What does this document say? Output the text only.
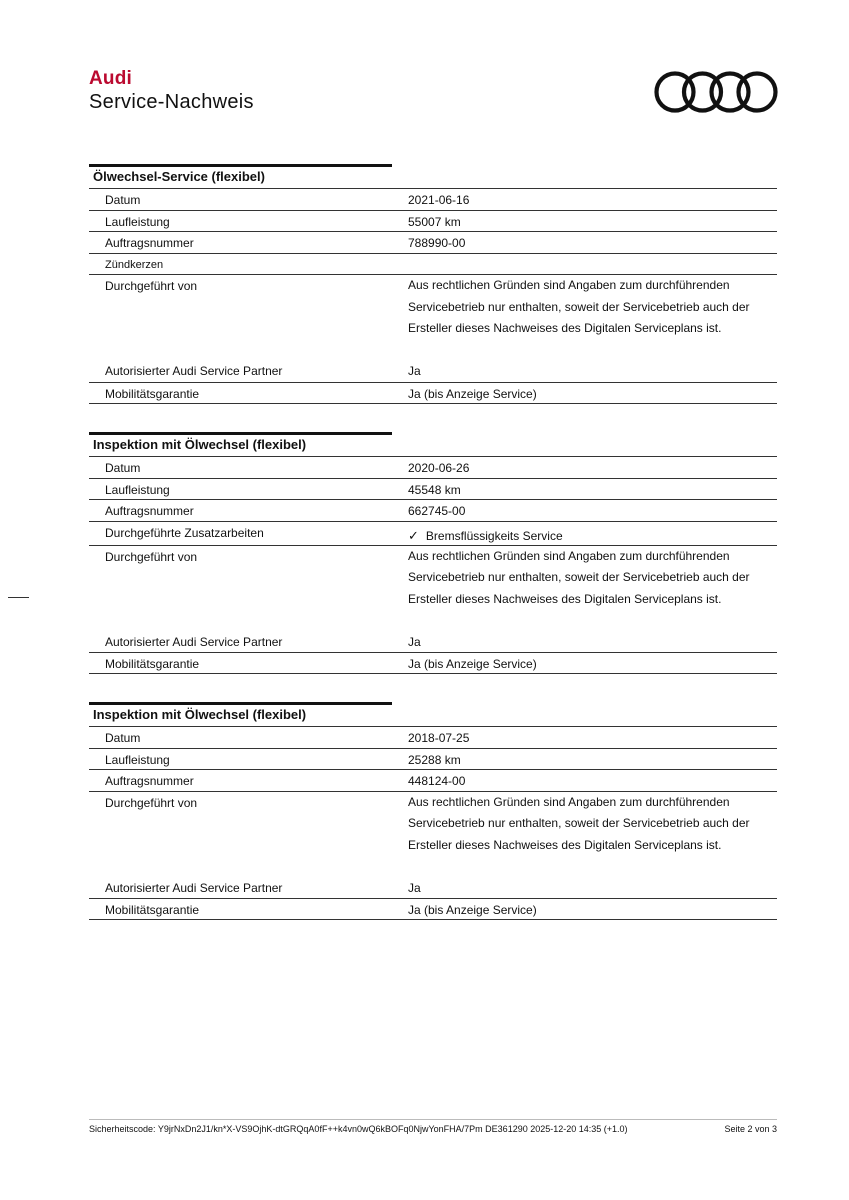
Audi
Service-Nachweis
Ölwechsel-Service (flexibel)
Datum	2021-06-16
Laufleistung	55007 km
Auftragsnummer	788990-00
Zündkerzen
Durchgeführt von	Aus rechtlichen Gründen sind Angaben zum durchführenden Servicebetrieb nur enthalten, soweit der Servicebetrieb auch der Ersteller dieses Nachweises des Digitalen Serviceplans ist.
Autorisierter Audi Service Partner	Ja
Mobilitätsgarantie	Ja (bis Anzeige Service)
Inspektion mit Ölwechsel (flexibel)
Datum	2020-06-26
Laufleistung	45548 km
Auftragsnummer	662745-00
Durchgeführte Zusatzarbeiten	✓ Bremsflüssigkeits Service
Durchgeführt von	Aus rechtlichen Gründen sind Angaben zum durchführenden Servicebetrieb nur enthalten, soweit der Servicebetrieb auch der Ersteller dieses Nachweises des Digitalen Serviceplans ist.
Autorisierter Audi Service Partner	Ja
Mobilitätsgarantie	Ja (bis Anzeige Service)
Inspektion mit Ölwechsel (flexibel)
Datum	2018-07-25
Laufleistung	25288 km
Auftragsnummer	448124-00
Durchgeführt von	Aus rechtlichen Gründen sind Angaben zum durchführenden Servicebetrieb nur enthalten, soweit der Servicebetrieb auch der Ersteller dieses Nachweises des Digitalen Serviceplans ist.
Autorisierter Audi Service Partner	Ja
Mobilitätsgarantie	Ja (bis Anzeige Service)
Sicherheitscode: Y9jrNxDn2J1/kn*X-VS9OjhK-dtGRQqA0fF++k4vn0wQ6kBOFq0NjwYonFHA/7Pm DE361290 2025-12-20 14:35 (+1.0)	Seite 2 von 3
